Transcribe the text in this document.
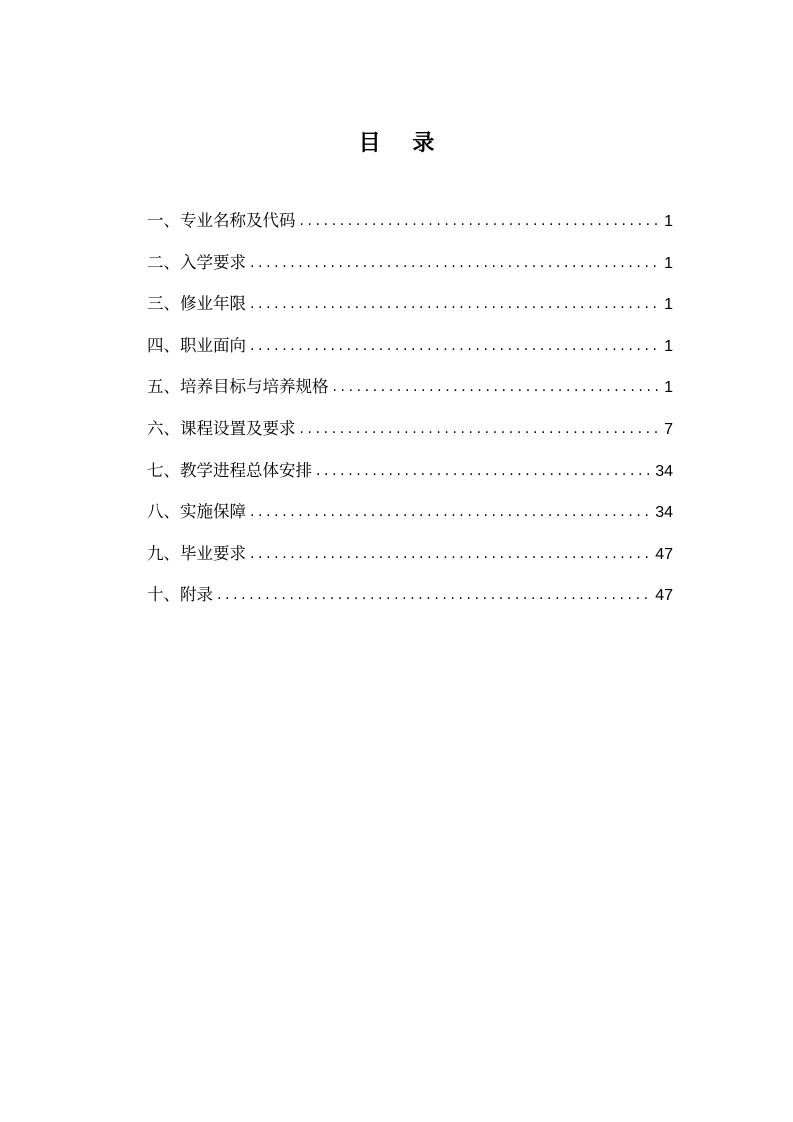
目 录
一、专业名称及代码 .....	1
二、入学要求 .....	1
三、修业年限 .....	1
四、职业面向 .....	1
五、培养目标与培养规格 .....	1
六、课程设置及要求 .....	7
七、教学进程总体安排 .....	34
八、实施保障 .....	34
九、毕业要求 .....	47
十、附录 .....	47
